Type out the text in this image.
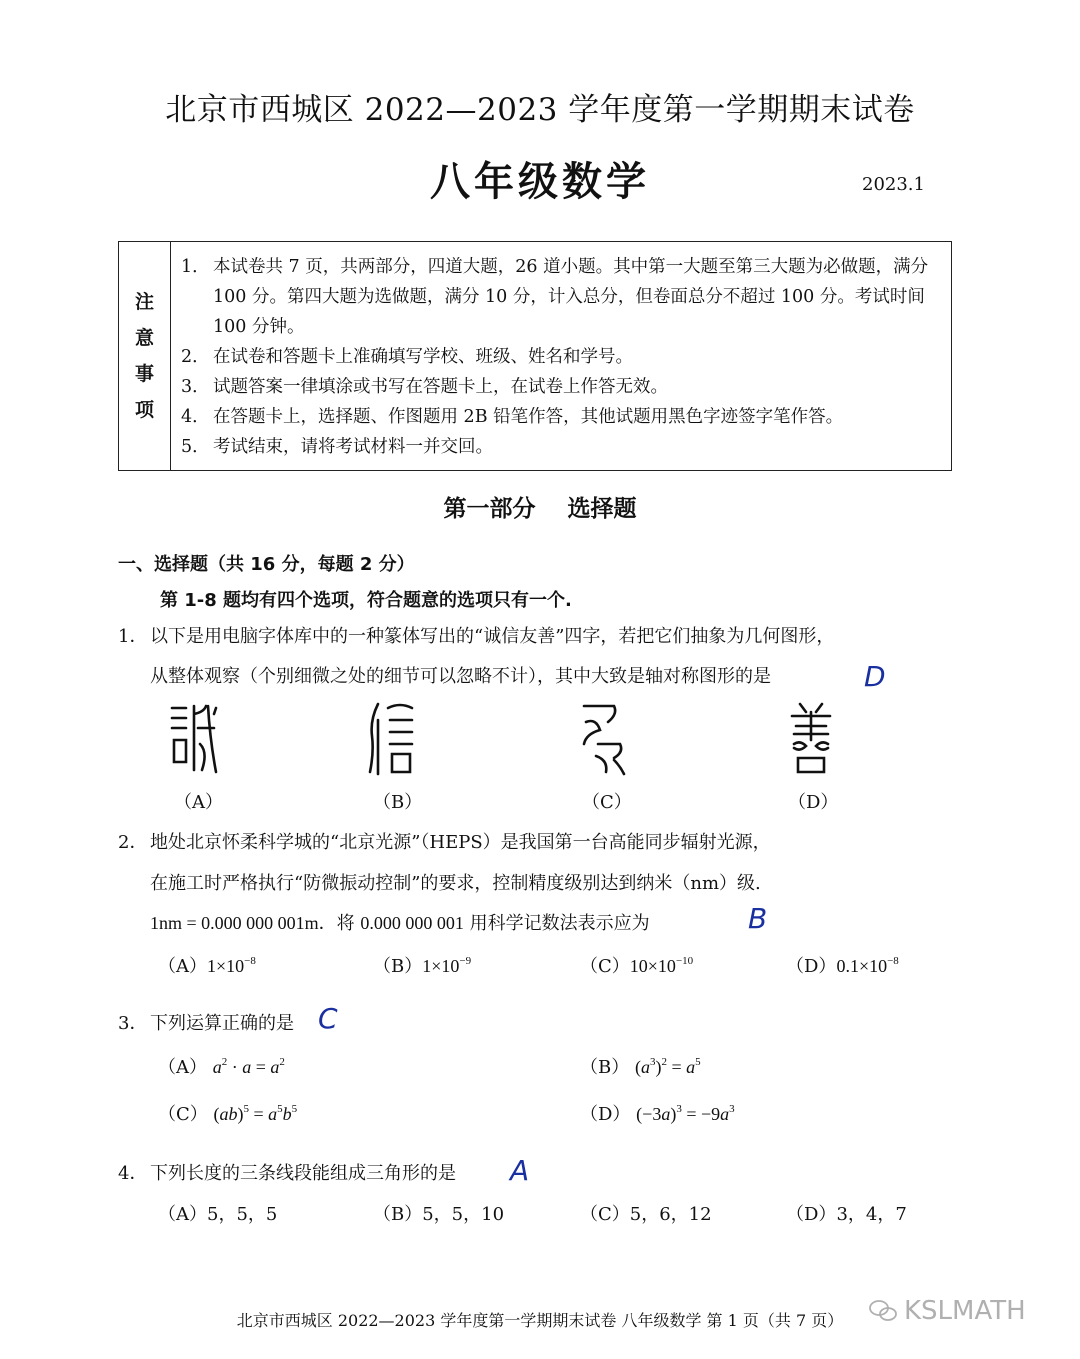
北京市西城区 2022—2023 学年度第一学期期末试卷
八年级数学	2023.1
注
意
事
项
1． 本试卷共 7 页，共两部分，四道大题，26 道小题。其中第一大题至第三大题为必做题，满分 100 分。第四大题为选做题，满分 10 分，计入总分，但卷面总分不超过 100 分。考试时间 100 分钟。
2． 在试卷和答题卡上准确填写学校、班级、姓名和学号。
3． 试题答案一律填涂或书写在答题卡上，在试卷上作答无效。
4． 在答题卡上，选择题、作图题用 2B 铅笔作答，其他试题用黑色字迹签字笔作答。
5． 考试结束，请将考试材料一并交回。
第一部分 选择题
一、选择题（共 16 分，每题 2 分）
第 1-8 题均有四个选项，符合题意的选项只有一个.
1． 以下是用电脑字体库中的一种篆体写出的“诚信友善”四字，若把它们抽象为几何图形，
从整体观察（个别细微之处的细节可以忽略不计），其中大致是轴对称图形的是	D
（A）	（B）	（C）	（D）
2． 地处北京怀柔科学城的“北京光源”（HEPS）是我国第一台高能同步辐射光源，
在施工时严格执行“防微振动控制”的要求，控制精度级别达到纳米（nm）级.
1nm = 0.000 000 001m．将 0.000 000 001 用科学记数法表示应为	B
$(A)1\times 10^{-8}$	$(B)1\times 10^{-9}$	$(C)10\times 10^{-10}$	$(D)0.1\times 10^{-8}$
3． 下列运算正确的是 C
（A） $a^2 \cdot a = a^2$	（B） $(a^3)^2 = a^5$
（C） $(ab)^5 = a^5b^5$	（D） $(-3a)^3 = -9a^3$
4． 下列长度的三条线段能组成三角形的是 A
（A）5，5，5	（B）5，5，10	（C）5，6，12	（D）3，4，7
北京市西城区 2022—2023 学年度第一学期期末试卷 八年级数学 第 1 页（共 7 页）	KSLMATH
